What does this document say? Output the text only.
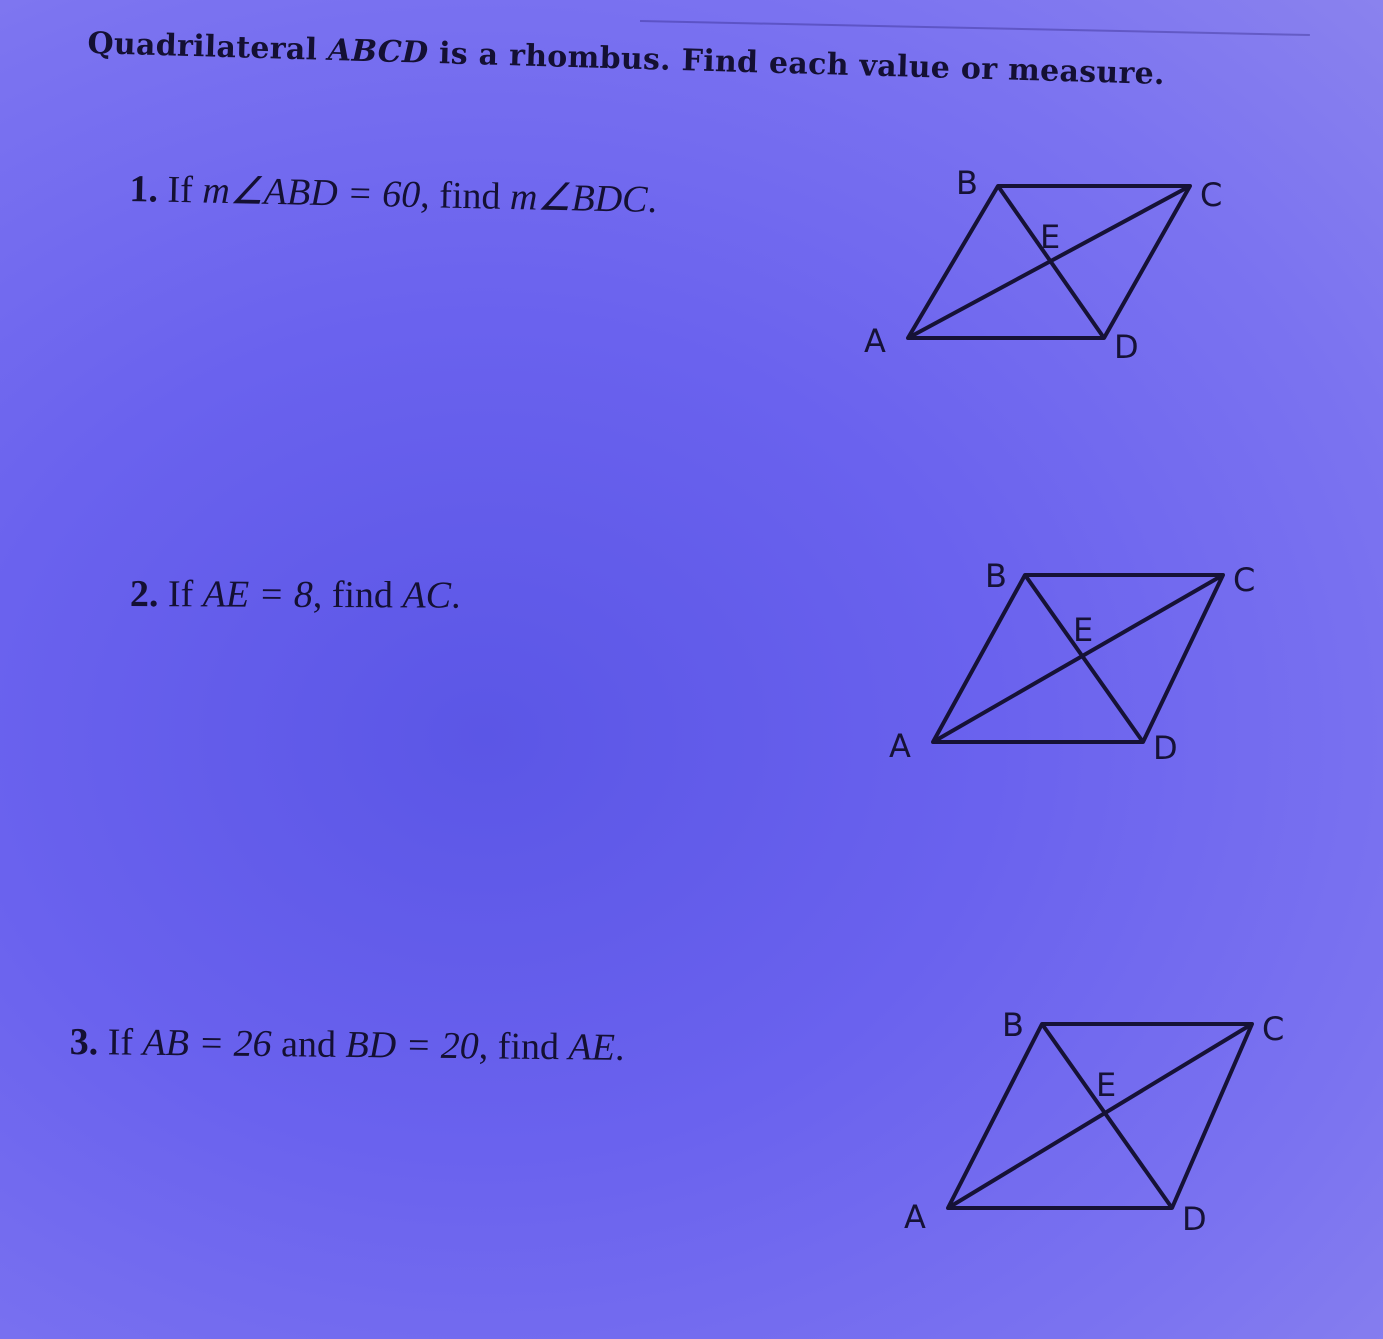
Quadrilateral ABCD is a rhombus. Find each value or measure.
1. If m∠ABD = 60, find m∠BDC.	B	C
E
A	D
2. If AE = 8, find AC.	B	C
E
A	D
3. If AB = 26 and BD = 20, find AE.
B	C
E
A	D
